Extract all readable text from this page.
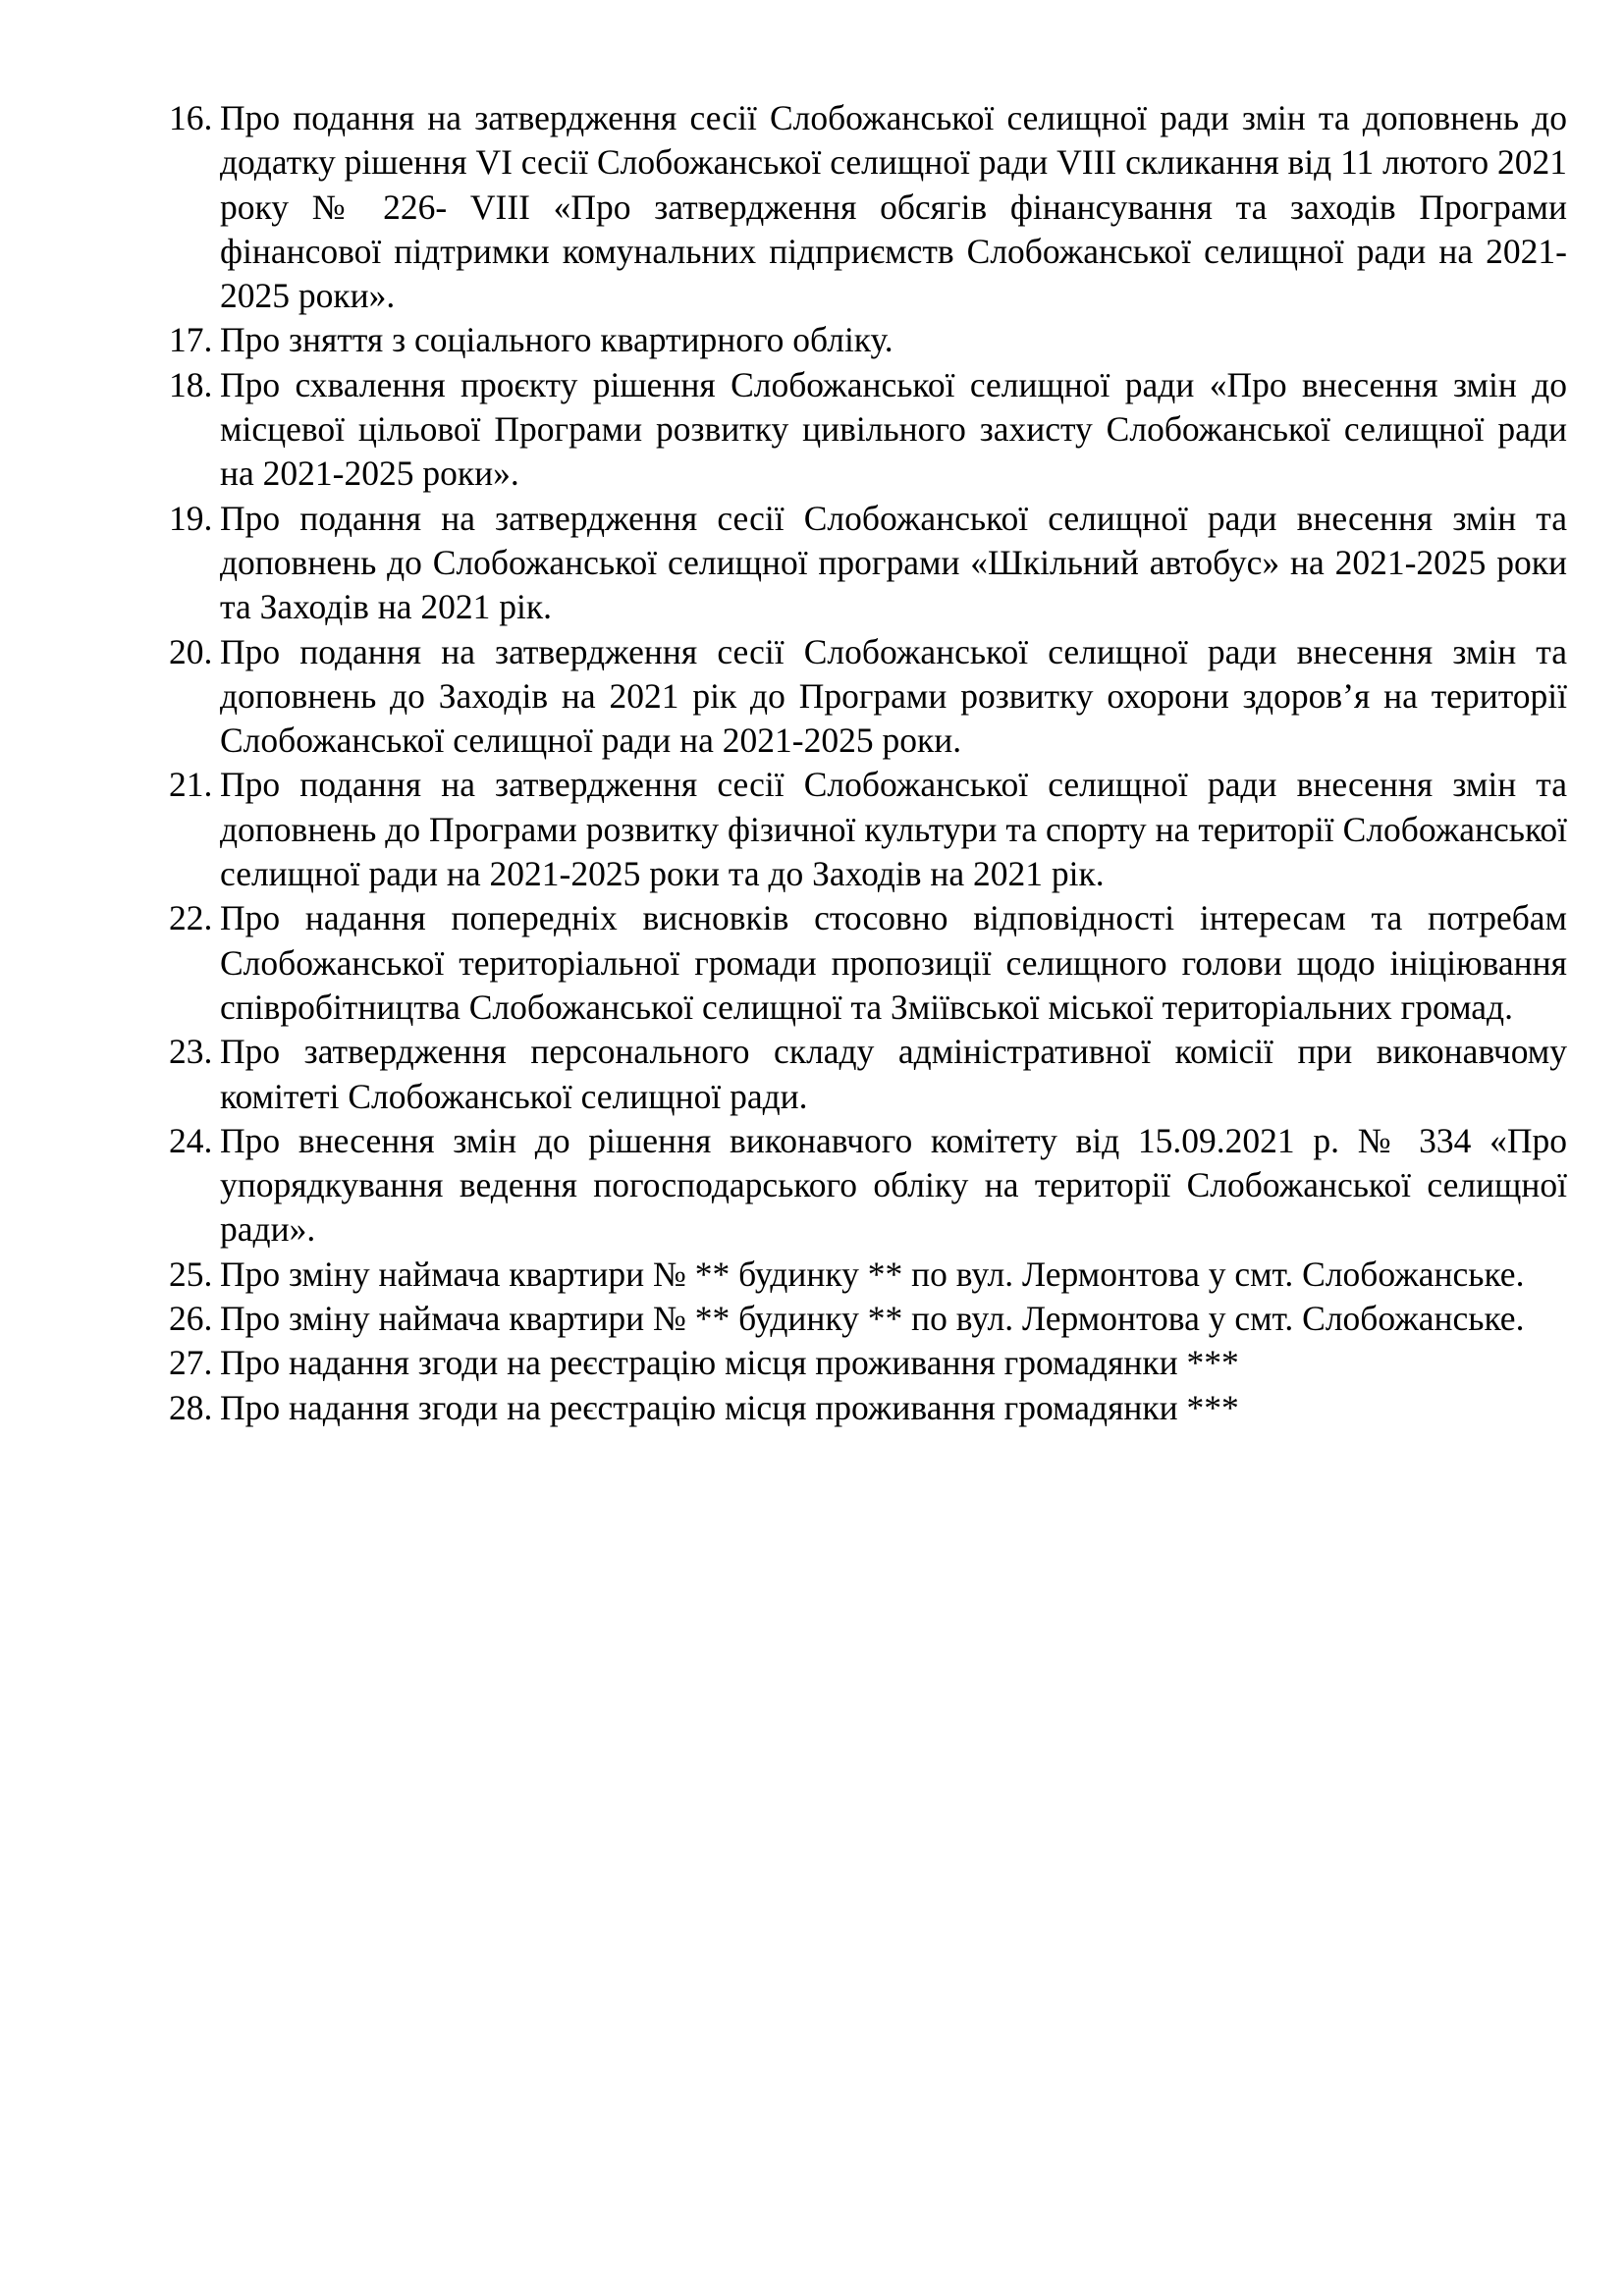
16. Про подання на затвердження сесії Слобожанської селищної ради змін та доповнень до додатку рішення VI сесії Слобожанської селищної ради VIII скликання від 11 лютого 2021 року № 226- VIII «Про затвердження обсягів фінансування та заходів Програми фінансової підтримки комунальних підприємств Слобожанської селищної ради на 2021-2025 роки».
17. Про зняття з соціального квартирного обліку.
18.
Про схвалення проєкту рішення Слобожанської селищної ради «Про внесення змін до місцевої цільової Програми розвитку цивільного захисту Слобожанської селищної ради на 2021-2025 роки».
19. Про подання на затвердження сесії Слобожанської селищної ради внесення змін та доповнень до Слобожанської селищної програми «Шкільний автобус» на 2021-2025 роки та Заходів на 2021 рік.
20. Про подання на затвердження сесії Слобожанської селищної ради внесення змін та доповнень до Заходів на 2021 рік до Програми розвитку охорони здоров’я на території Слобожанської селищної ради на 2021-2025 роки.
21. Про подання на затвердження сесії Слобожанської селищної ради внесення змін та доповнень до Програми розвитку фізичної культури та спорту на території Слобожанської селищної ради на 2021-2025 роки та до Заходів на 2021 рік.
22. Про надання попередніх висновків стосовно відповідності інтересам та потребам Слобожанської територіальної громади пропозиції селищного голови щодо ініціювання співробітництва Слобожанської селищної та Зміївської міської територіальних громад.
23. Про затвердження персонального складу адміністративної комісії при виконавчому комітеті Слобожанської селищної ради.
24. Про внесення змін до рішення виконавчого комітету від 15.09.2021 р. № 334 «Про упорядкування ведення погосподарського обліку на території Слобожанської селищної ради».
25. Про зміну наймача квартири № ** будинку ** по вул. Лермонтова у смт. Слобожанське.
26. Про зміну наймача квартири № ** будинку ** по вул. Лермонтова у смт. Слобожанське.
27. Про надання згоди на реєстрацію місця проживання громадянки ***
28. Про надання згоди на реєстрацію місця проживання громадянки ***
